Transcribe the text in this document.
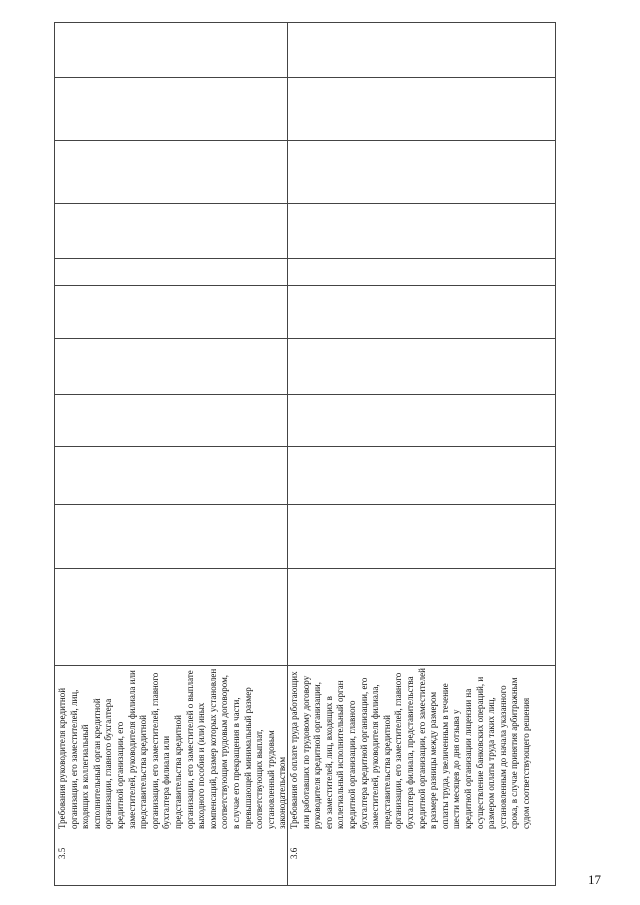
3.5
Требования руководителя кредитной организации, его заместителей, лиц, входящих в коллегиальный исполнительный орган кредитной организации, главного бухгалтера кредитной организации, его заместителей, руководителя филиала или представительства кредитной организации, его заместителей, главного бухгалтера филиала или представительства кредитной организации, его заместителей о выплате выходного пособия и (или) иных компенсаций, размер которых установлен соответствующим трудовым договором, в случае его прекращения в части, превышающей минимальный размер соответствующих выплат, установленный трудовым законодательством
3.6
Требования об оплате труда работающих или работавших по трудовому договору руководителя кредитной организации, его заместителей, лиц, входящих в коллегиальный исполнительный орган кредитной организации, главного бухгалтера кредитной организации, его заместителей, руководителя филиала, представительства кредитной организации, его заместителей, главного бухгалтера филиала, представительства кредитной организации, его заместителей в размере разницы между размером оплаты труда, увеличенным в течение шести месяцев до дня отзыва у кредитной организации лицензии на осуществление банковских операций, и размером оплаты труда таких лиц, установленным до начала указанного срока, в случае принятия арбитражным судом соответствующего решения
17
